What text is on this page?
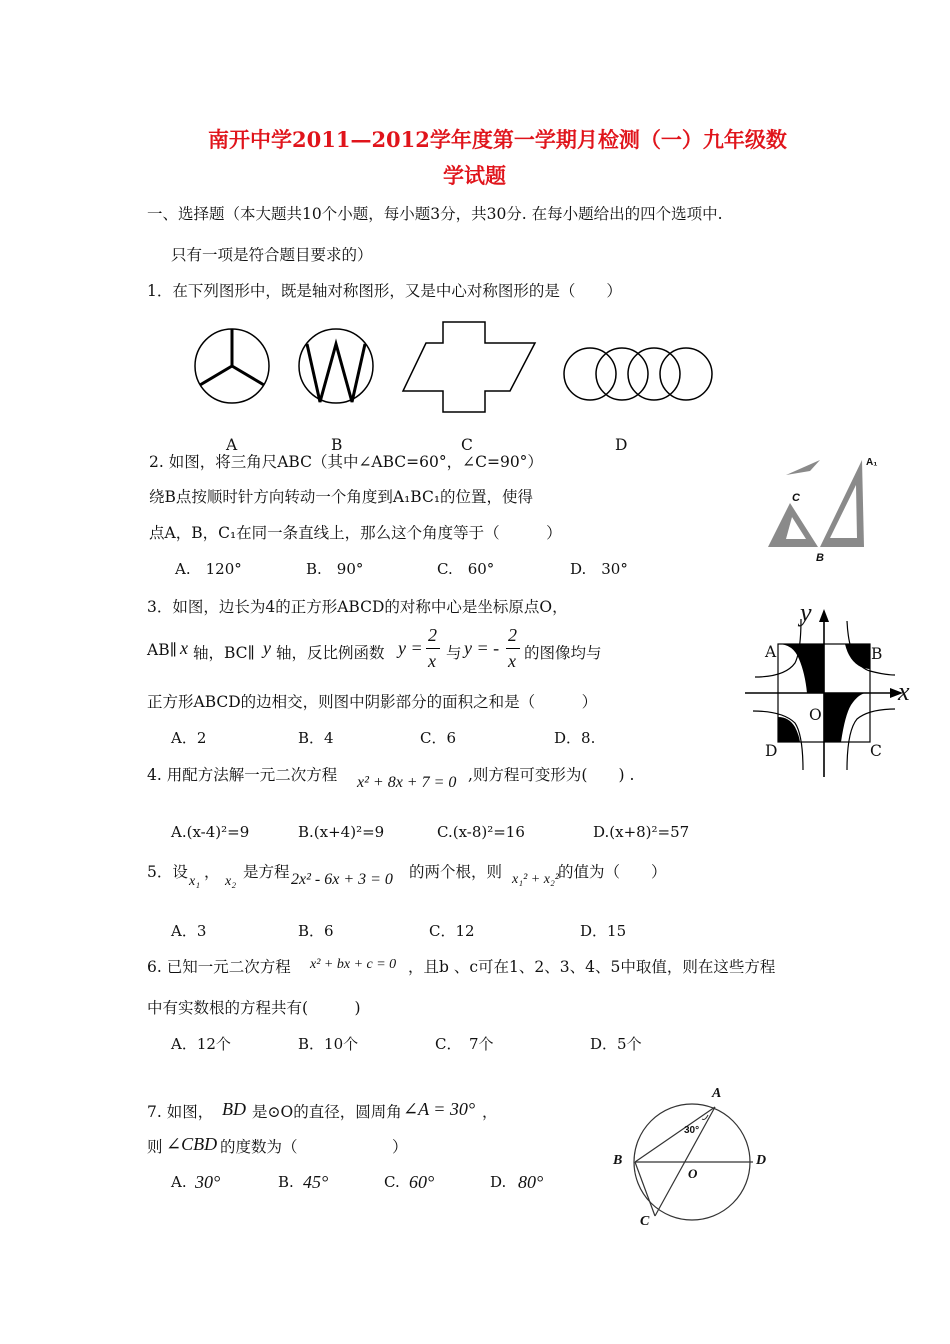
南开中学2011—2012学年度第一学期月检测（一）九年级数
学试题
一、选择题（本大题共10个小题，每小题3分，共30分. 在每小题给出的四个选项中.
只有一项是符合题目要求的）
1．在下列图形中，既是轴对称图形，又是中心对称图形的是（　　）
A	B	C	D
2. 如图，将三角尺ABC（其中∠ABC=60°，∠C=90°）
绕B点按顺时针方向转动一个角度到A₁BC₁的位置，使得
点A，B，C₁在同一条直线上，那么这个角度等于（　　　）
A.　120°	B.　90°	C.　60°	D.　30°
A₁
C
B
3．如图，边长为4的正方形ABCD的对称中心是坐标原点O，
AB∥ x 轴，BC∥ y 轴，反比例函数 y =
2
x 与 y = -
2
x 的图像均与
正方形ABCD的边相交，则图中阴影部分的面积之和是（　　　）
A．2	B．4	C．6	D．8.
y
x
A	B
C
D
O
4. 用配方法解一元二次方程 x² + 8x + 7 = 0 ,则方程可变形为(　　) .
A.(x-4)²=9	B.(x+4)²=9	C.(x-8)²=16	D.(x+8)²=57
5．设
x₁
，
x₂
是方程 2x² - 6x + 3 = 0 的两个根，则 x₁² + x₂²
的值为（　　）
A．3	B．6	C．12	D．15
6. 已知一元二次方程 x² + bx + c = 0 ，且b 、c可在1、2、3、4、5中取值，则在这些方程
中有实数根的方程共有(　　　)
A．12个	B．10个	C．　7个	D．5个
7. 如图， BD 是⊙O的直径，圆周角 ∠A = 30° ，
则 ∠CBD 的度数为（	）
A. 30°	B. 45°	C. 60°	D. 80°
A
B	D
C
O
30°
